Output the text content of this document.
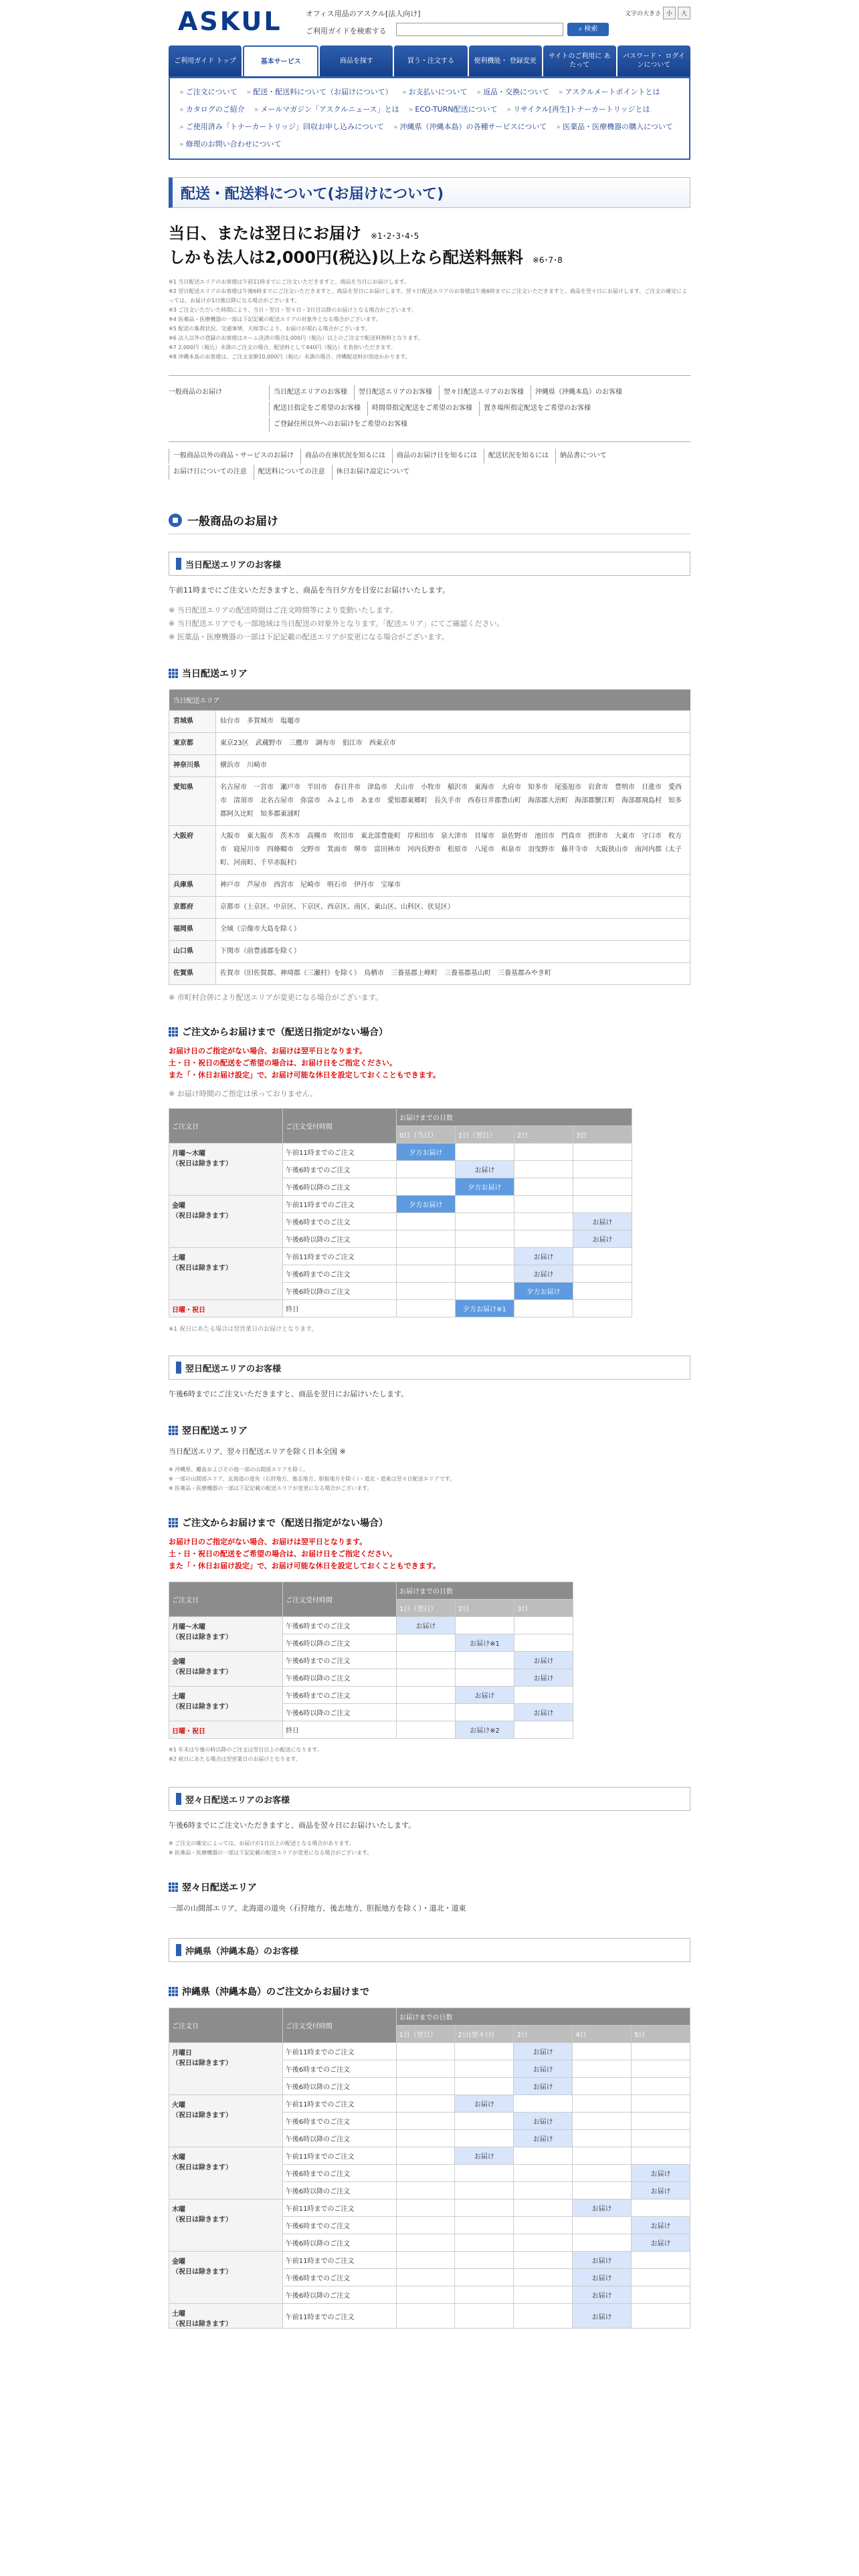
ASKUL	オフィス用品のアスクル[法人向け]
ご利用ガイドを検索する	⌕ 検索
文字の大きさ 小	大
ご利用ガイド トップ	基本サービス	商品を探す	買う・注文する	便利機能・ 登録変更
サイトのご利用に あたって
パスワード・ ログインについて
» ご注文について	» 配送・配送料について（お届けについて）	» お支払いについて	» 返品・交換について	» アスクルメートポイントとは
» カタログのご紹介	» メールマガジン「アスクルニュース」とは	» ECO-TURN配送について	» リサイクル[再生]トナーカートリッジとは
» ご使用済み「トナーカートリッジ」回収お申し込みについて	» 沖縄県（沖縄本島）の各種サービスについて	» 医薬品・医療機器の購入について
» 修理のお問い合わせについて
配送・配送料について(お届けについて)
当日、または翌日にお届け ※1･2･3･4･5
しかも法人は2,000円(税込)以上なら配送料無料 ※6･7･8
※1 当日配送エリアのお客様は午前11時までにご注文いただきますと、商品を当日にお届けします。
※2 翌日配送エリアのお客様は午後6時までにご注文いただきますと、商品を翌日にお届けします。翌々日配送エリアのお客様は午後6時までにご注文いただきますと、商品を翌々日にお届けします。ご注文の確定によっては、お届けが1日後以降になる場合がございます。
※3 ご注文いただいた時間により、当日・翌日・翌々日・3日目以降のお届けとなる場合がございます。
※4 医薬品・医療機器の一部は下記記載の配送エリアの対象外となる場合がございます。
※5 配送の集荷状況、交通事情、天候等により、お届けが遅れる場合がございます。
※6 法人以外の登録のお客様はホーム決済の場合1,000円（税込）以上のご注文で配送料無料となります。
※7 2,000円（税込）未満のご注文の場合、配送料として440円（税込）を負担いただきます。
※8 沖縄本島のお客様は、ご注文金額10,000円（税込）未満の場合、沖縄配送料が別途かかります。
一般商品のお届け	当日配送エリアのお客様	翌日配送エリアのお客様	翌々日配送エリアのお客様	沖縄県（沖縄本島）のお客様
配送日指定をご希望のお客様	時間帯指定配送をご希望のお客様	置き場所指定配送をご希望のお客様
ご登録住所以外へのお届けをご希望のお客様
一般商品以外の商品・サービスのお届け	商品の在庫状況を知るには	商品のお届け日を知るには	配送状況を知るには	納品書について
お届け日についての注意	配送料についての注意	休日お届け設定について
一般商品のお届け
当日配送エリアのお客様
午前11時までにご注文いただきますと、商品を当日夕方を目安にお届けいたします。
※ 当日配送エリアの配送時間はご注文時間等により変動いたします。
※ 当日配送エリアでも一部地域は当日配送の対象外となります。「配送エリア」にてご確認ください。
※ 医薬品・医療機器の一部は下記記載の配送エリアが変更になる場合がございます。
当日配送エリア
当日配送エリア	
宮城県	仙台市　多賀城市　塩竈市
東京都	東京23区　武蔵野市　三鷹市　調布市　狛江市　西東京市
神奈川県	横浜市　川崎市
愛知県	名古屋市　一宮市　瀬戸市　半田市　春日井市　津島市　犬山市　小牧市　稲沢市　東海市　大府市　知多市　尾張旭市　岩倉市　豊明市　日進市　愛西市　清須市　北名古屋市　弥富市　みよし市　あま市　愛知郡東郷町　長久手市　西春日井郡豊山町　海部郡大治町　海部郡蟹江町　海部郡飛島村　知多郡阿久比町　知多郡東浦町
大阪府	大阪市　東大阪市　茨木市　高槻市　吹田市　東北部豊能町　岸和田市　泉大津市　貝塚市　泉佐野市　池田市　門真市　摂津市　大東市　守口市　枚方市　寝屋川市　四條畷市　交野市　箕面市　堺市　富田林市　河内長野市　松原市　八尾市　和泉市　羽曳野市　藤井寺市　大阪狭山市　南河内郡（太子町、河南町、千早赤阪村）
兵庫県	神戸市　芦屋市　西宮市　尼崎市　明石市　伊丹市　宝塚市
京都府	京都市（上京区、中京区、下京区、西京区、南区、東山区、山科区、伏見区）
福岡県	全域（宗像市大島を除く）
山口県	下関市（前豊浦郡を除く）
佐賀県	佐賀市（旧佐賀郡、神埼郡（三瀬村）を除く）　鳥栖市　三養基郡上峰町　三養基郡基山町　三養基郡みやき町
※ 市町村合併により配送エリアが変更になる場合がございます。
ご注文からお届けまで（配送日指定がない場合）
お届け日のご指定がない場合、お届けは翌平日となります。
土・日・祝日の配送をご希望の場合は、お届け日をご指定ください。
また「・休日お届け設定」で、お届け可能な休日を設定しておくこともできます。
※ お届け時間のご指定は承っておりません。
ご注文日	ご注文受付時間	お届けまでの日数			
		0日（当日）	1日（翌日）	2日	3日

月曜～木曜
（祝日は除きます）	午前11時までのご注文	夕方お届け			
	午後6時までのご注文		お届け		
	午後6時以降のご注文		夕方お届け		

金曜
（祝日は除きます）	午前11時までのご注文	夕方お届け			
	午後6時までのご注文				お届け
	午後6時以降のご注文				お届け

土曜
（祝日は除きます）	午前11時までのご注文			お届け	
	午後6時までのご注文			お届け	
	午後6時以降のご注文			夕方お届け	

日曜・祝日	終日		夕方お届け※1		
※1 祝日にあたる場合は翌営業日のお届けとなります。
翌日配送エリアのお客様
午後6時までにご注文いただきますと、商品を翌日にお届けいたします。
翌日配送エリア
当日配送エリア、翌々日配送エリアを除く日本全国 ※
※ 沖縄県、離島およびその他一部の山間部エリアを除く。
※ 一部の山間部エリア、北海道の道央（石狩地方、後志地方、胆振地方を除く）・道北・道東は翌々日配送エリアです。
※ 医薬品・医療機器の一部は下記記載の配送エリアが変更になる場合がございます。
ご注文からお届けまで（配送日指定がない場合）
お届け日のご指定がない場合、お届けは翌平日となります。
土・日・祝日の配送をご希望の場合は、お届け日をご指定ください。
また「・休日お届け設定」で、お届け可能な休日を設定しておくこともできます。
ご注文日	ご注文受付時間	お届けまでの日数		
		1日（翌日）	2日	3日

月曜～木曜
（祝日は除きます）	午後6時までのご注文	お届け		
	午後6時以降のご注文		お届け※1	

金曜
（祝日は除きます）	午後6時までのご注文			お届け
	午後6時以降のご注文			お届け

土曜
（祝日は除きます）	午後6時までのご注文		お届け	
	午後6時以降のご注文			お届け

日曜・祝日	終日		お届け※2	
※1 年末は午後の時以降のご注文は翌日以上の配送になります。
※2 祝日にあたる場合は翌営業日のお届けとなります。
翌々日配送エリアのお客様
午後6時までにご注文いただきますと、商品を翌々日にお届けいたします。
※ ご注文の確定によっては、お届けが1日以上の配送となる場合があります。
※ 医薬品・医療機器の一部は下記記載の配送エリアが変更になる場合がございます。
翌々日配送エリア
一部の山間部エリア、北海道の道央（石狩地方、後志地方、胆振地方を除く）・道北・道東
沖縄県（沖縄本島）のお客様
沖縄県（沖縄本島）のご注文からお届けまで
ご注文日	ご注文受付時間	お届けまでの日数				
		1日（翌日）	2日(翌々日)	3日	4日	5日

月曜日
（祝日は除きます）	午前11時までのご注文			お届け		
	午後6時までのご注文			お届け		
	午後6時以降のご注文			お届け		

火曜
（祝日は除きます）	午前11時までのご注文		お届け			
	午後6時までのご注文			お届け		
	午後6時以降のご注文			お届け		

水曜
（祝日は除きます）	午前11時までのご注文		お届け			
	午後6時までのご注文					お届け
	午後6時以降のご注文					お届け

木曜
（祝日は除きます）	午前11時までのご注文				お届け	
	午後6時までのご注文					お届け
	午後6時以降のご注文					お届け

金曜
（祝日は除きます）	午前11時までのご注文				お届け	
	午後6時までのご注文				お届け	
	午後6時以降のご注文				お届け	

土曜
（祝日は除きます）	午前11時までのご注文				お届け	
